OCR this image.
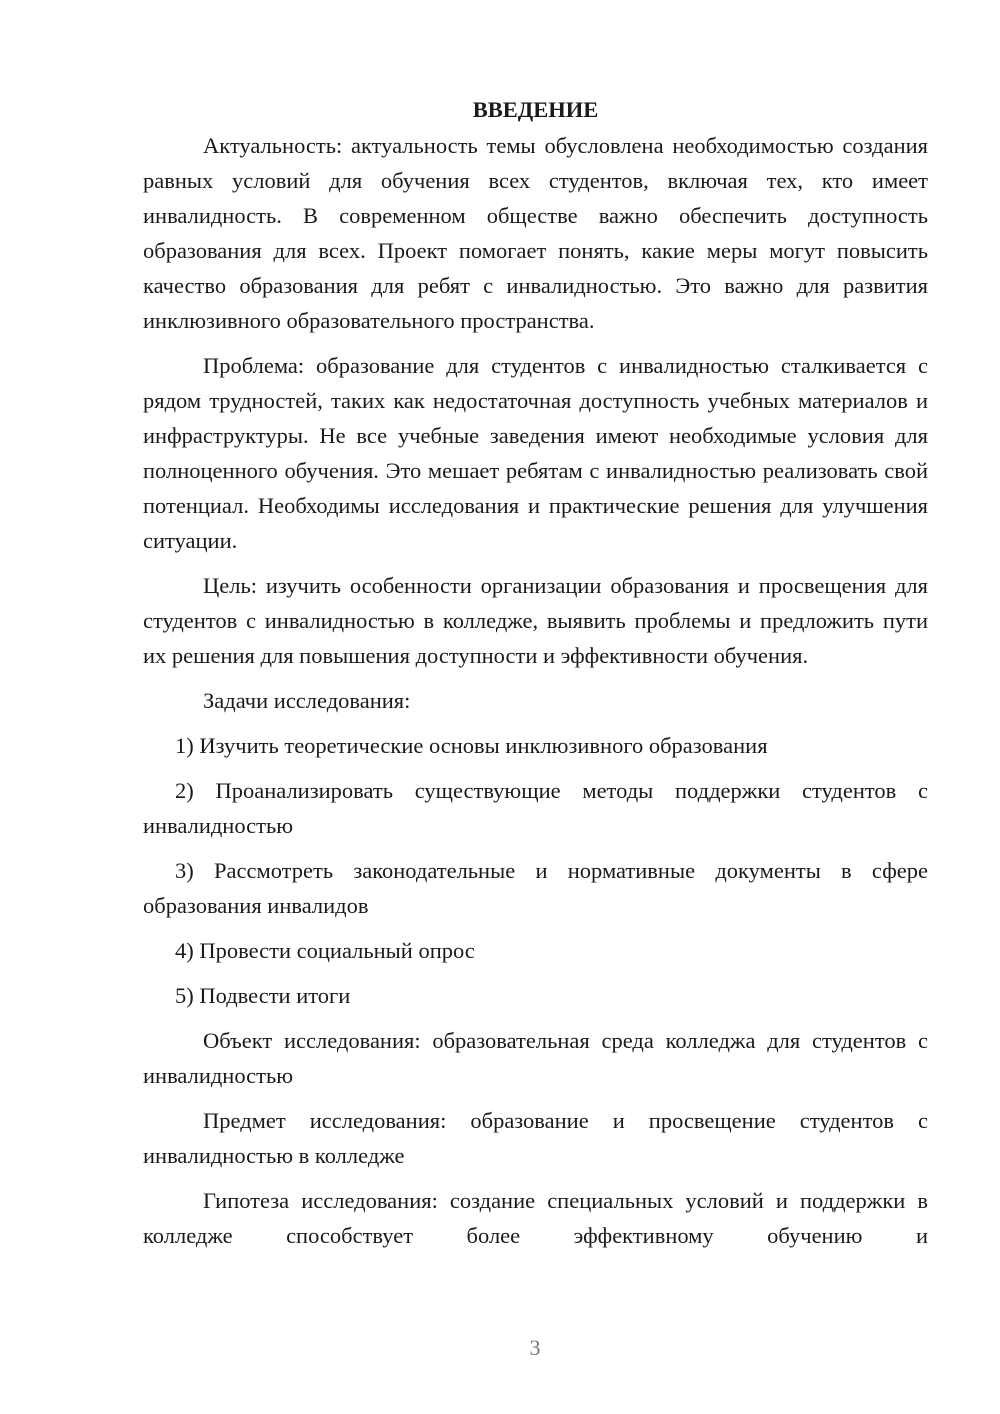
ВВЕДЕНИЕ

Актуальность: актуальность темы обусловлена необходимостью создания равных условий для обучения всех студентов, включая тех, кто имеет инвалидность. В современном обществе важно обеспечить доступность образования для всех. Проект помогает понять, какие меры могут повысить качество образования для ребят с инвалидностью. Это важно для развития инклюзивного образовательного пространства.

Проблема: образование для студентов с инвалидностью сталкивается с рядом трудностей, таких как недостаточная доступность учебных материалов и инфраструктуры. Не все учебные заведения имеют необходимые условия для полноценного обучения. Это мешает ребятам с инвалидностью реализовать свой потенциал. Необходимы исследования и практические решения для улучшения ситуации.

Цель: изучить особенности организации образования и просвещения для студентов с инвалидностью в колледже, выявить проблемы и предложить пути их решения для повышения доступности и эффективности обучения.

Задачи исследования:

1) Изучить теоретические основы инклюзивного образования

2) Проанализировать существующие методы поддержки студентов с инвалидностью

3) Рассмотреть законодательные и нормативные документы в сфере образования инвалидов

4) Провести социальный опрос

5) Подвести итоги

Объект исследования: образовательная среда колледжа для студентов с инвалидностью

Предмет исследования: образование и просвещение студентов с инвалидностью в колледже

Гипотеза исследования: создание специальных условий и поддержки в колледже способствует более эффективному обучению и

3
